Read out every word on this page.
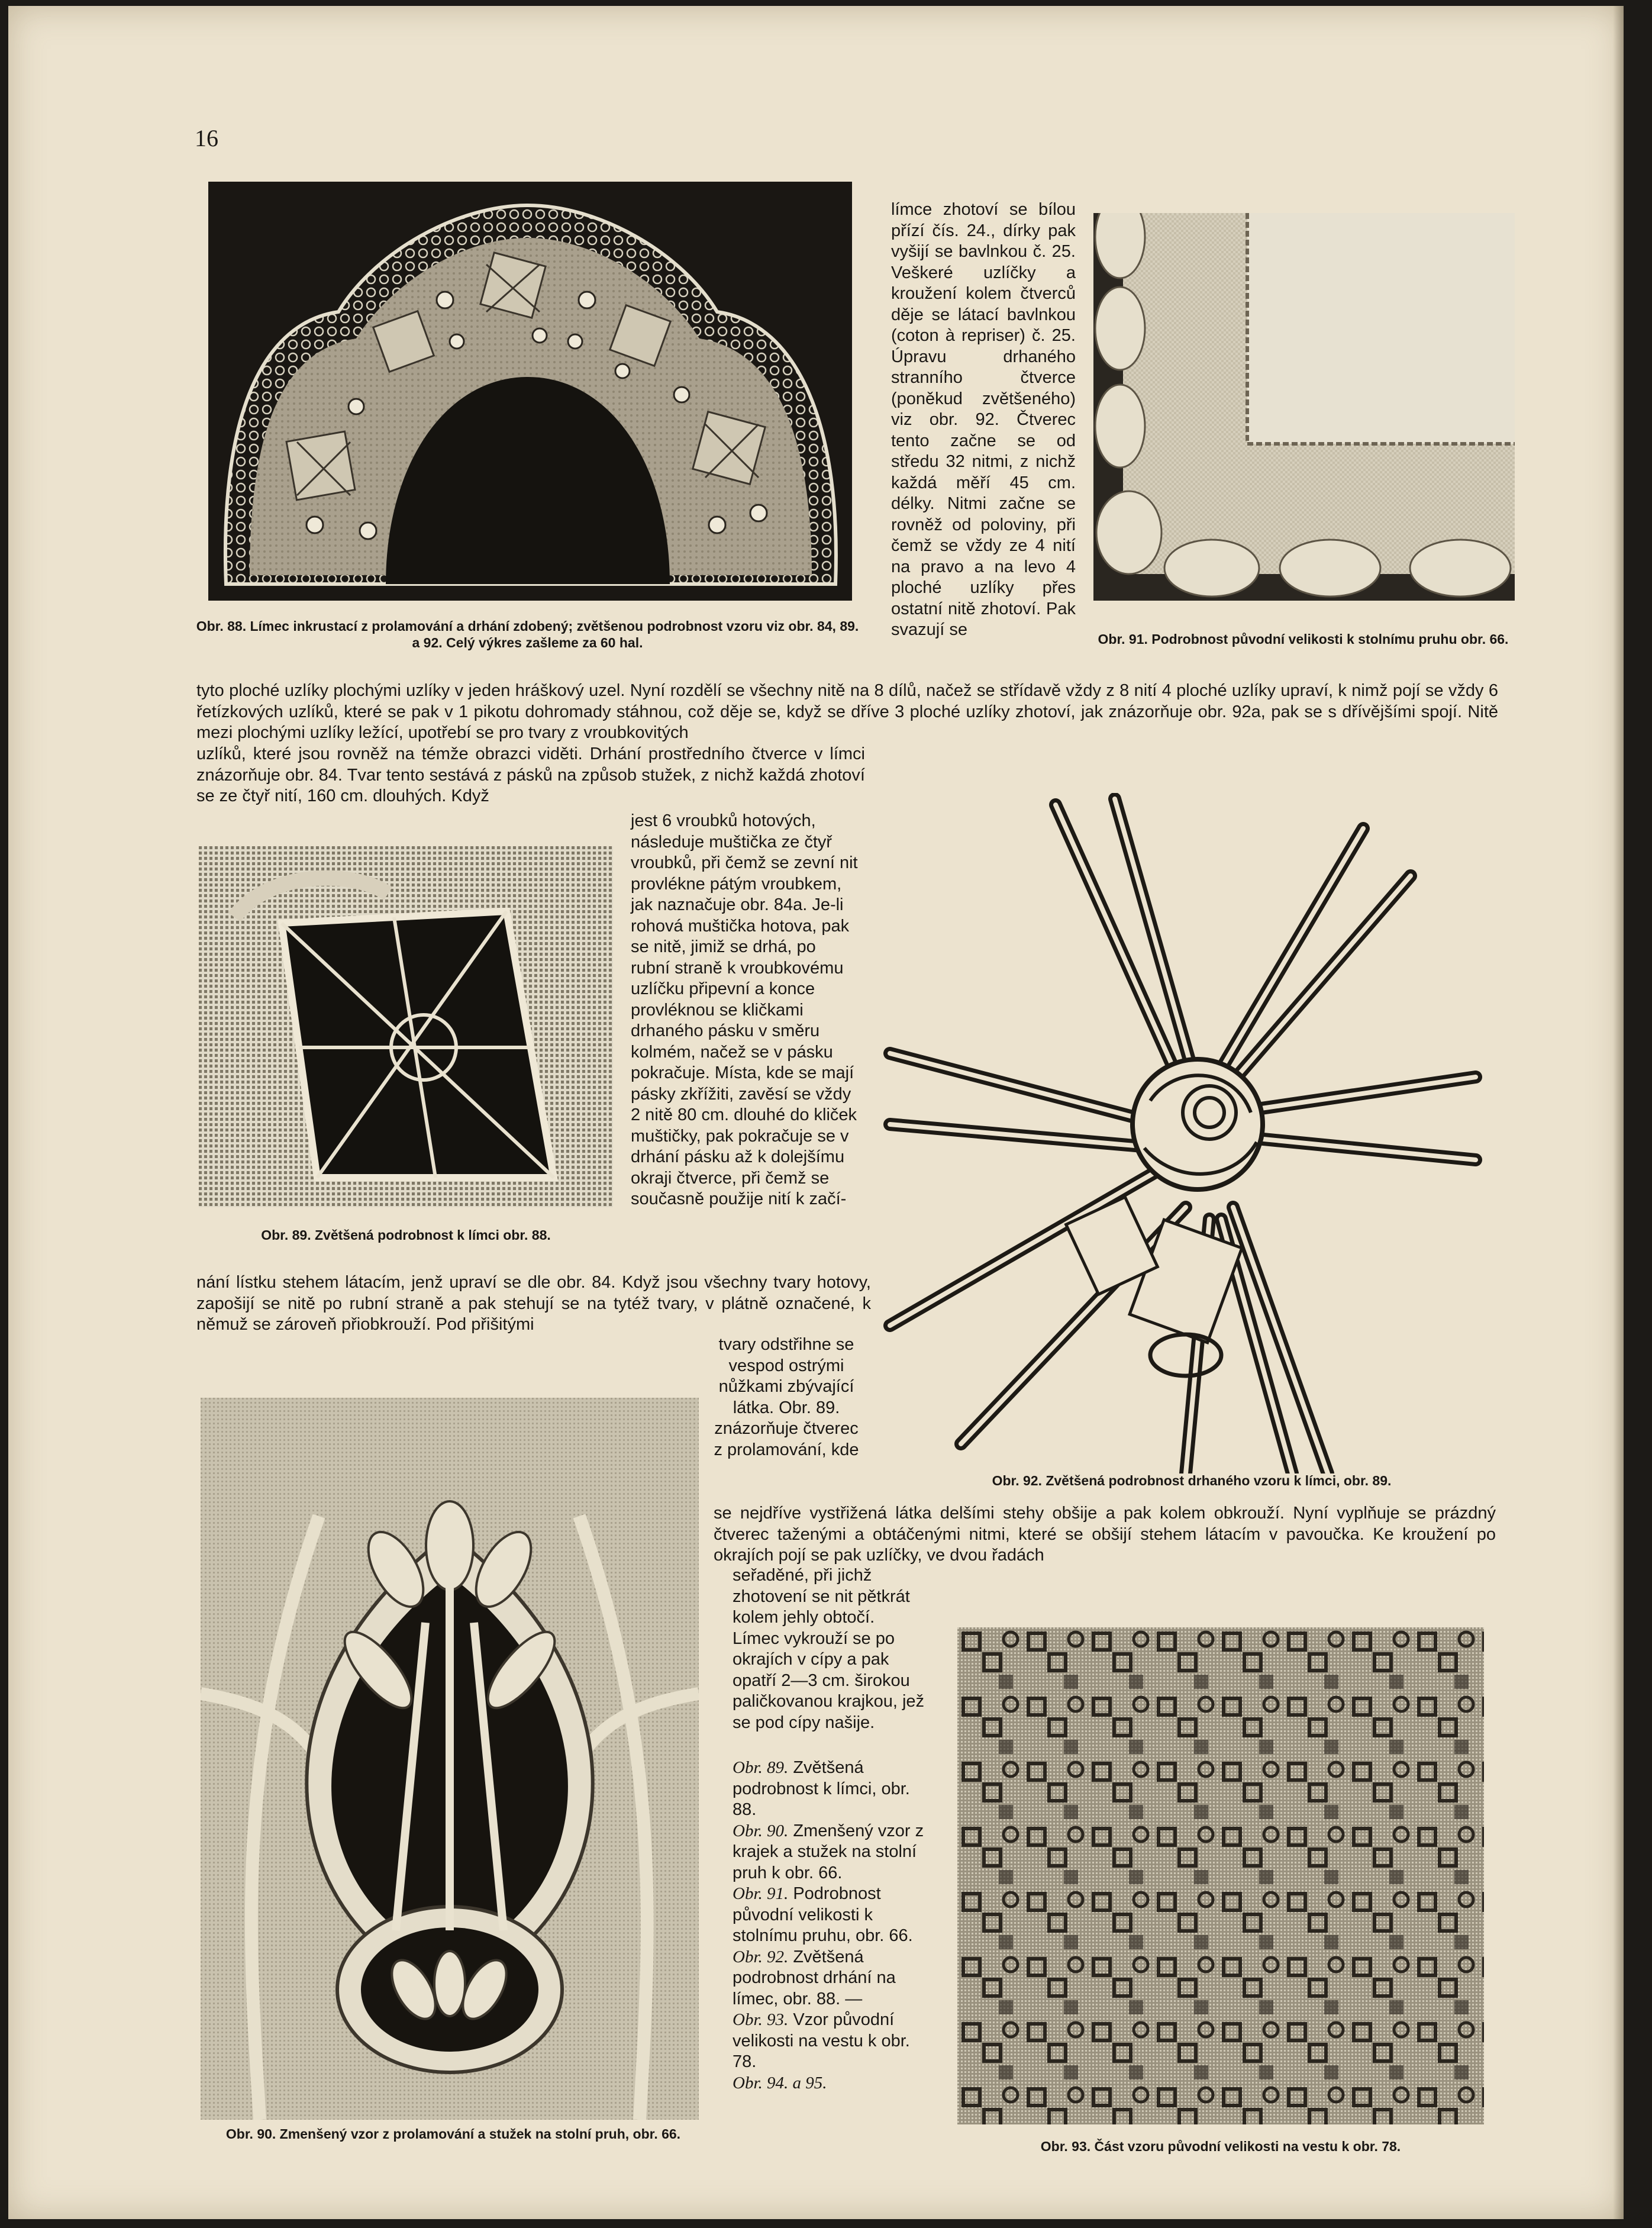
16

Obr. 88. Límec inkrustací z prolamování a drhání zdobený; zvětšenou podrobnost vzoru viz obr. 84, 89. a 92. Celý výkres zašleme za 60 hal.

límce zhotoví se bílou přízí čís. 24., dírky pak vyšijí se bavlnkou č. 25. Veškeré uzlíčky a kroužení kolem čtverců děje se látací bavlnkou (coton à repriser) č. 25. Úpravu drhaného stranního čtverce (poněkud zvětšeného) viz obr. 92. Čtverec tento začne se od středu 32 nitmi, z nichž každá měří 45 cm. délky. Nitmi začne se rovněž od poloviny, při čemž se vždy ze 4 nití na pravo a na levo 4 ploché uzlíky přes ostatní nitě zhotoví. Pak svazují se	Obr. 91. Podrobnost původní velikosti k stolnímu pruhu obr. 66.

tyto ploché uzlíky plochými uzlíky v jeden hráškový uzel. Nyní rozdělí se všechny nitě na 8 dílů, načež se střídavě vždy z 8 nití 4 ploché uzlíky upraví, k nimž pojí se vždy 6 řetízkových uzlíků, které se pak v 1 pikotu dohromady stáhnou, což děje se, když se dříve 3 ploché uzlíky zhotoví, jak znázorňuje obr. 92a, pak se s dřívějšími spojí. Nitě mezi plochými uzlíky ležící, upotřebí se pro tvary z vroubkovitých

uzlíků, které jsou rovněž na témže obrazci viděti. Drhání prostředního čtverce v límci znázorňuje obr. 84. Tvar tento sestává z pásků na způsob stužek, z nichž každá zhotoví se ze čtyř nití, 160 cm. dlouhých. Když

Obr. 89. Zvětšená podrobnost k límci obr. 88.

jest 6 vroubků hotových, následuje muštička ze čtyř vroubků, při čemž se zevní nit provlékne pátým vroubkem, jak naznačuje obr. 84a. Je-li rohová muštička hotova, pak se nitě, jimiž se drhá, po rubní straně k vroubkovému uzlíčku připevní a konce provléknou se kličkami drhaného pásku v směru kolmém, načež se v pásku pokračuje. Místa, kde se mají pásky zkřížiti, zavěsí se vždy 2 nitě 80 cm. dlouhé do kliček muštičky, pak pokračuje se v drhání pásku až k dolejšímu okraji čtverce, při čemž se současně použije nití k začí-

Obr. 92. Zvětšená podrobnost drhaného vzoru k límci, obr. 89.

nání lístku stehem látacím, jenž upraví se dle obr. 84. Když jsou všechny tvary hotovy, zapošijí se nitě po rubní straně a pak stehují se na tytéž tvary, v plátně označené, k němuž se zároveň přiobkrouží. Pod přišitými

tvary odstřihne se vespod ostrými nůžkami zbývající látka. Obr. 89. znázorňuje čtverec z prolamování, kde

Obr. 90. Zmenšený vzor z prolamování a stužek na stolní pruh, obr. 66.

se nejdříve vystřižená látka delšími stehy obšije a pak kolem obkrouží. Nyní vyplňuje se prázdný čtverec taženými a obtáčenými nitmi, které se obšijí stehem látacím v pavoučka. Ke kroužení po okrajích pojí se pak uzlíčky, ve dvou řadách

seřaděné, při jichž zhotovení se nit pětkrát kolem jehly obtočí. Límec vykrouží se po okrajích v cípy a pak opatří 2—3 cm. širokou paličkovanou krajkou, jež se pod cípy našije.

Obr. 89. Zvětšená podrobnost k límci, obr. 88.

Obr. 90. Zmenšený vzor z krajek a stužek na stolní pruh k obr. 66.

Obr. 91. Podrobnost původní velikosti k stolnímu pruhu, obr. 66.

Obr. 92. Zvětšená podrobnost drhání na límec, obr. 88. —

Obr. 93. Vzor původní velikosti na vestu k obr. 78.

Obr. 94. a 95.

Obr. 93. Část vzoru původní velikosti na vestu k obr. 78.
